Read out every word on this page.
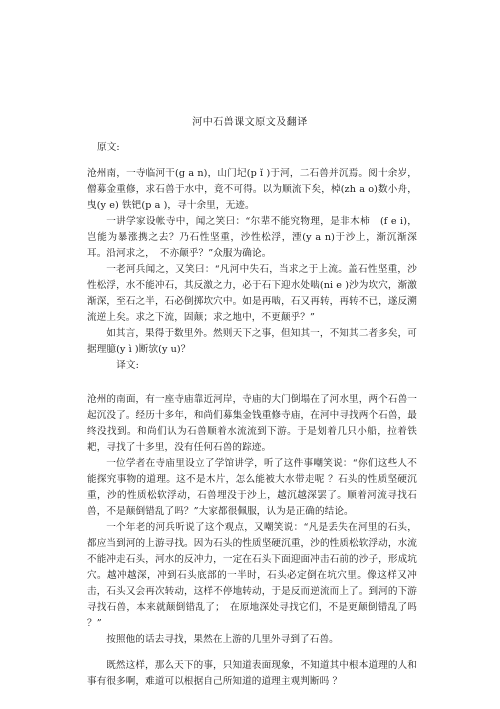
河中石兽课文原文及翻译

原文:

沧州南，一寺临河干(g a n)，山门圮(p ǐ )于河，二石兽并沉焉。阅十余岁，僧募金重修，求石兽于水中，竟不可得。以为顺流下矣，棹(zh a o)数小舟，曳(y e) 铁钯(p a )，寻十余里，无迹。

一讲学家设帐寺中，闻之笑曰：“尔辈不能究物理，是非木柿　(f e i)，岂能为暴涨携之去？乃石性坚重，沙性松浮，湮(y a n)于沙上，渐沉渐深耳。沿河求之，　不亦颠乎？”众服为确论。

一老河兵闻之，又笑曰：“凡河中失石，当求之于上流。盖石性坚重，沙性松浮，水不能冲石，其反激之力，必于石下迎水处啮(ni e )沙为坎穴，渐激渐深，至石之半，石必倒掷坎穴中。如是再啮，石又再转，再转不已，遂反溯流逆上矣。求之下流，固颠；求之地中，不更颠乎？”

如其言，果得于数里外。然则天下之事，但知其一，不知其二者多矣，可据理臆(y ì )断欤(y u)？

译文:

沧州的南面，有一座寺庙靠近河岸，寺庙的大门倒塌在了河水里，两个石兽一起沉没了。经历十多年，和尚们募集金钱重修寺庙，在河中寻找两个石兽，最终没找到。和尚们认为石兽顺着水流流到下游。于是划着几只小船，拉着铁耙，寻找了十多里，没有任何石兽的踪迹。

一位学者在寺庙里设立了学馆讲学，听了这件事嘲笑说：“你们这些人不能探究事物的道理。这不是木片，怎么能被大水带走呢 ？石头的性质坚硬沉重，沙的性质松软浮动，石兽埋没于沙上，越沉越深罢了。顺着河流寻找石兽，不是颠倒错乱了吗？”大家都很佩服，认为是正确的结论。

一个年老的河兵听说了这个观点，又嘲笑说：“凡是丢失在河里的石头，都应当到河的上游寻找。因为石头的性质坚硬沉重，沙的性质松软浮动，水流不能冲走石头，河水的反冲力，一定在石头下面迎面冲击石前的沙子，形成坑穴。越冲越深，冲到石头底部的一半时，石头必定倒在坑穴里。像这样又冲击，石头又会再次转动，这样不停地转动，于是反而逆流而上了。到河的下游寻找石兽，本来就颠倒错乱了；　在原地深处寻找它们，不是更颠倒错乱了吗 ？”

按照他的话去寻找，果然在上游的几里外寻到了石兽。

既然这样，那么天下的事，只知道表面现象，不知道其中根本道理的人和事有很多啊，难道可以根据自己所知道的道理主观判断吗 ？
